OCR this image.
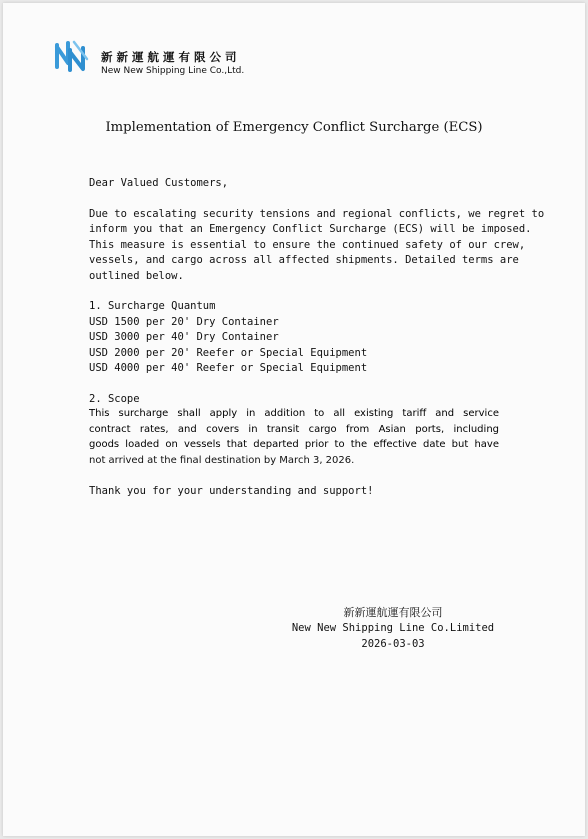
新新運航運有限公司
New New Shipping Line Co.,Ltd.
Implementation of Emergency Conflict Surcharge (ECS)
Dear Valued Customers,
Due to escalating security tensions and regional conflicts, we regret to
inform you that an Emergency Conflict Surcharge (ECS) will be imposed.
This measure is essential to ensure the continued safety of our crew,
vessels, and cargo across all affected shipments. Detailed terms are
outlined below.
1. Surcharge Quantum
USD 1500 per 20' Dry Container
USD 3000 per 40' Dry Container
USD 2000 per 20' Reefer or Special Equipment
USD 4000 per 40' Reefer or Special Equipment
2. Scope
This surcharge shall apply in addition to all existing tariff and service
contract rates, and covers in transit cargo from Asian ports, including
goods loaded on vessels that departed prior to the effective date but have
not arrived at the final destination by March 3, 2026.
Thank you for your understanding and support!
新新運航運有限公司
New New Shipping Line Co.Limited
2026-03-03
